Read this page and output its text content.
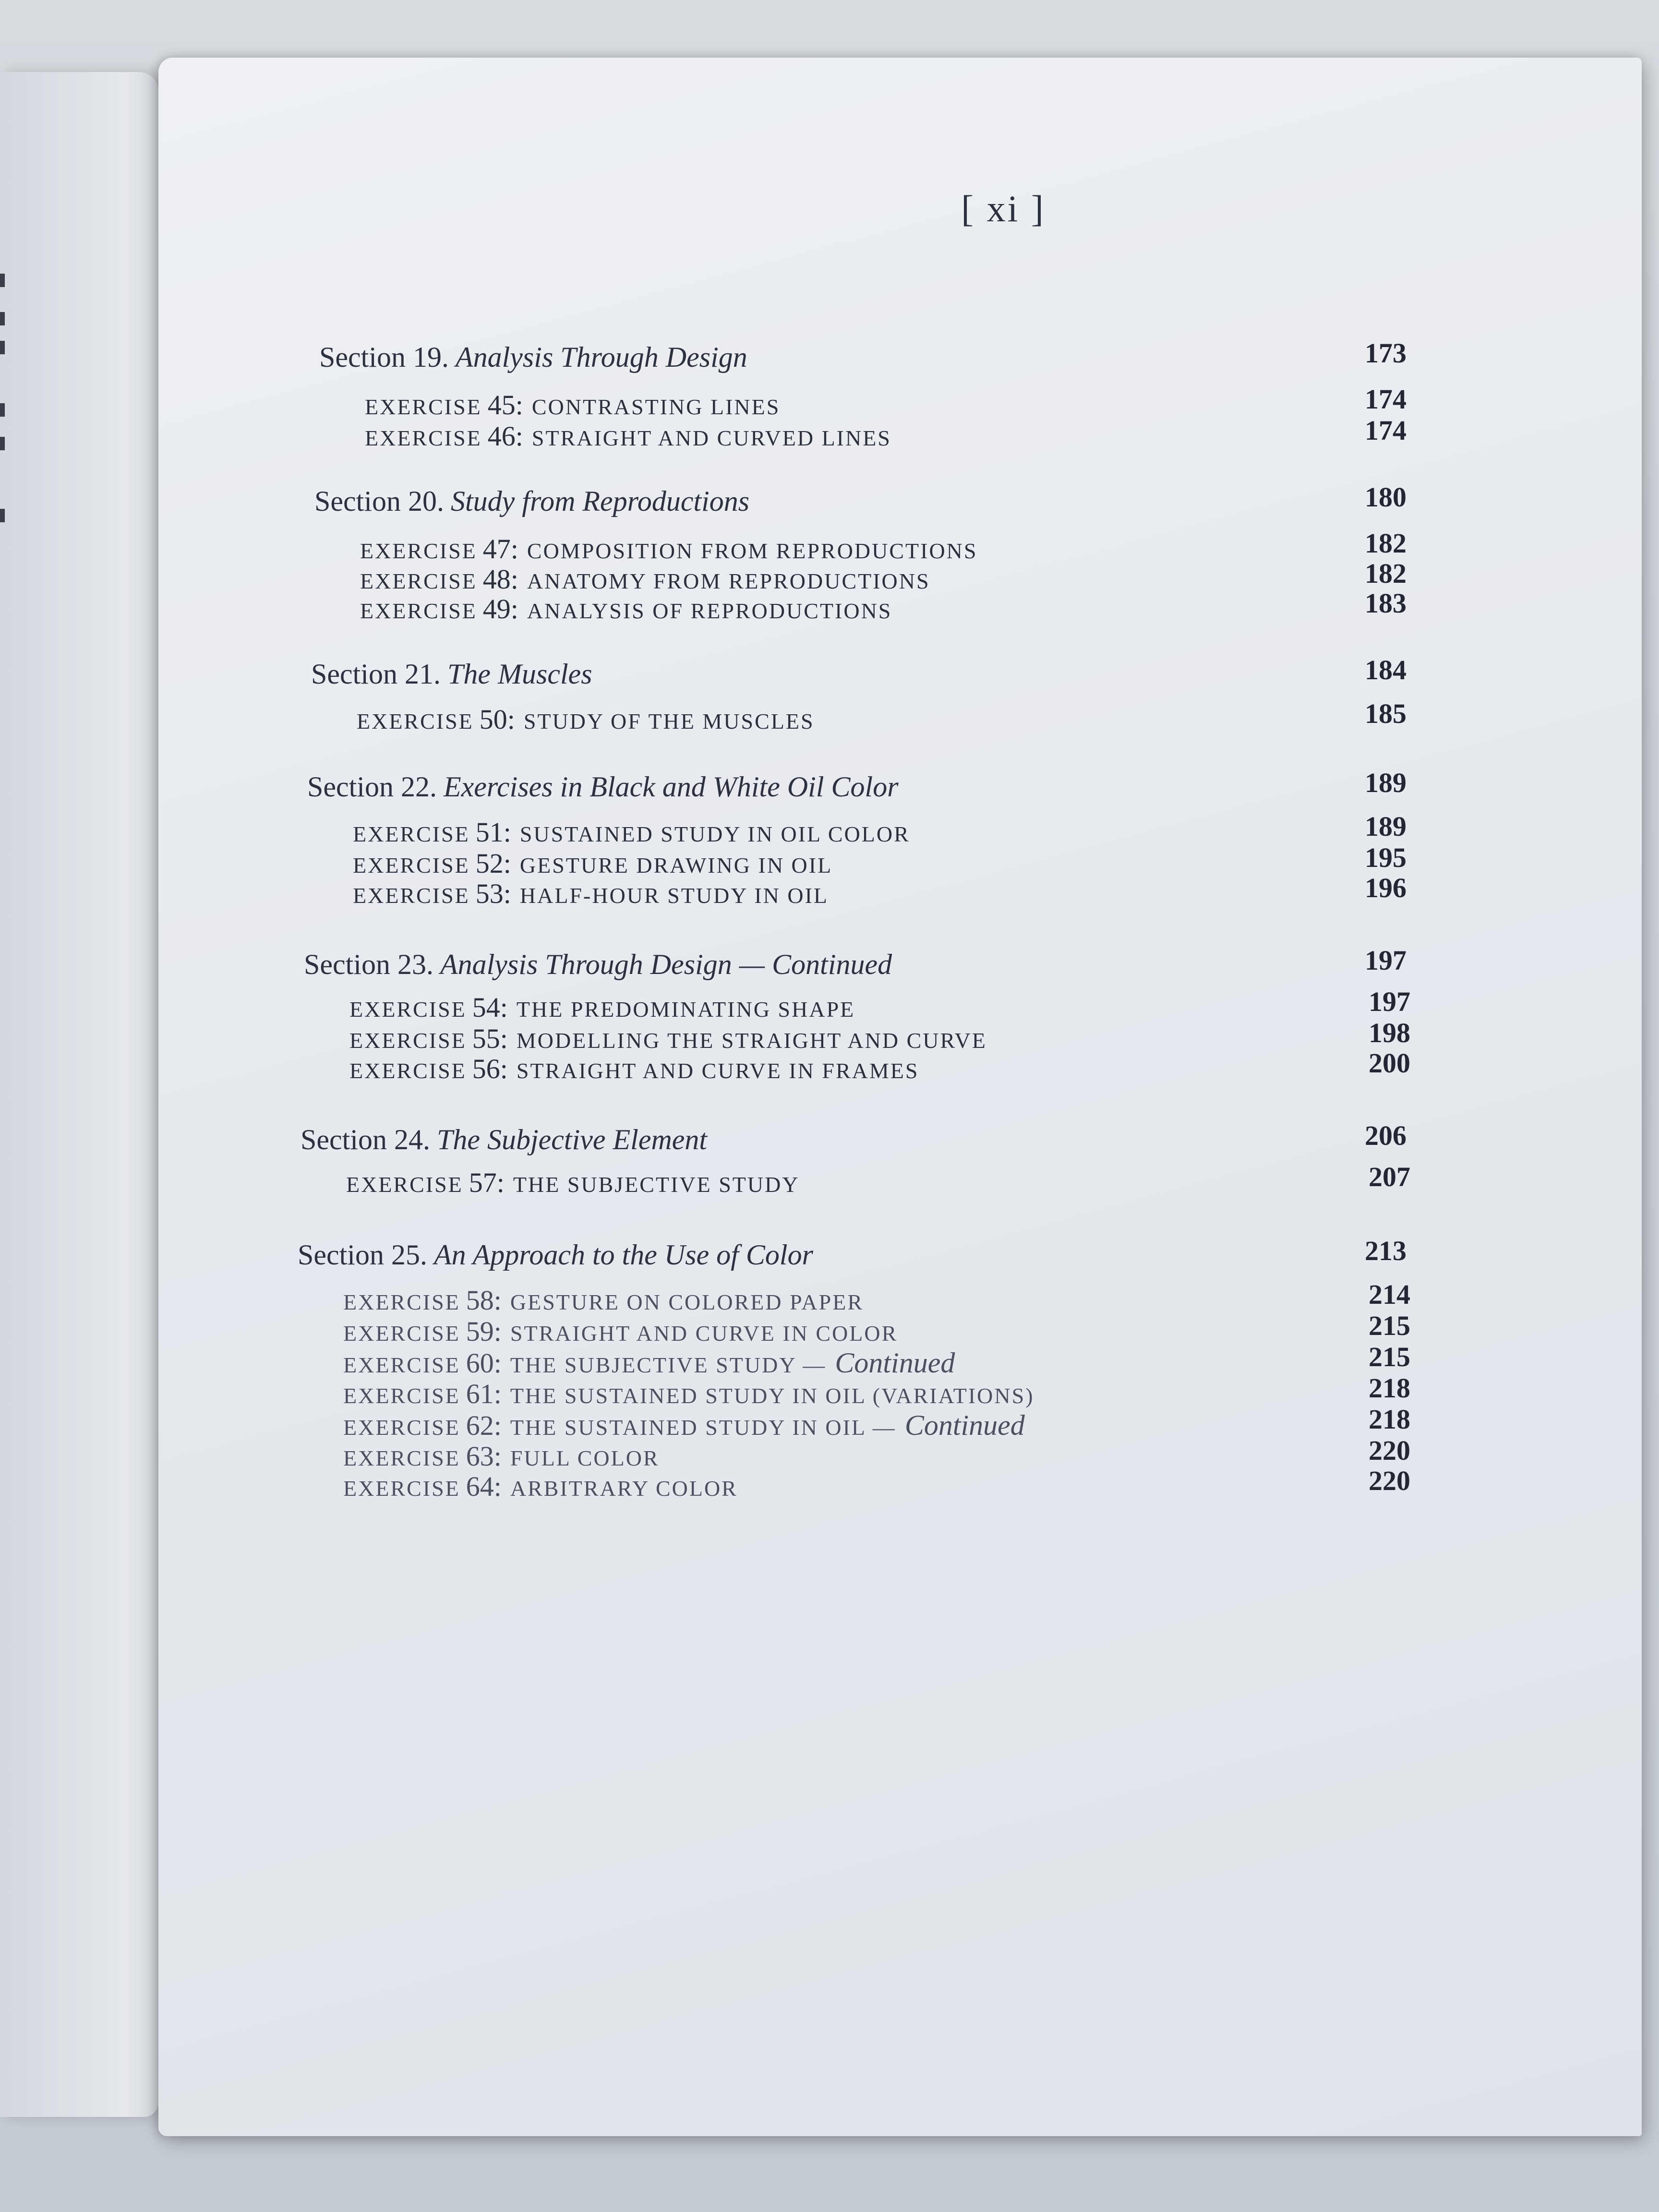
[ xi ]
Section 19. Analysis Through Design	173
EXERCISE 45: CONTRASTING LINES	174
EXERCISE 46: STRAIGHT AND CURVED LINES	174
Section 20. Study from Reproductions	180
EXERCISE 47: COMPOSITION FROM REPRODUCTIONS	182
EXERCISE 48: ANATOMY FROM REPRODUCTIONS	182
EXERCISE 49: ANALYSIS OF REPRODUCTIONS	183
Section 21. The Muscles	184
EXERCISE 50: STUDY OF THE MUSCLES	185
Section 22. Exercises in Black and White Oil Color	189
EXERCISE 51: SUSTAINED STUDY IN OIL COLOR	189
EXERCISE 52: GESTURE DRAWING IN OIL	195
EXERCISE 53: HALF-HOUR STUDY IN OIL	196
Section 23. Analysis Through Design — Continued	197
EXERCISE 54: THE PREDOMINATING SHAPE	197
EXERCISE 55: MODELLING THE STRAIGHT AND CURVE	198
EXERCISE 56: STRAIGHT AND CURVE IN FRAMES	200
Section 24. The Subjective Element	206
EXERCISE 57: THE SUBJECTIVE STUDY	207
Section 25. An Approach to the Use of Color	213
EXERCISE 58: GESTURE ON COLORED PAPER	214
EXERCISE 59: STRAIGHT AND CURVE IN COLOR	215
EXERCISE 60: THE SUBJECTIVE STUDY — Continued	215
EXERCISE 61: THE SUSTAINED STUDY IN OIL (VARIATIONS)	218
EXERCISE 62: THE SUSTAINED STUDY IN OIL — Continued	218
EXERCISE 63: FULL COLOR	220
EXERCISE 64: ARBITRARY COLOR	220
